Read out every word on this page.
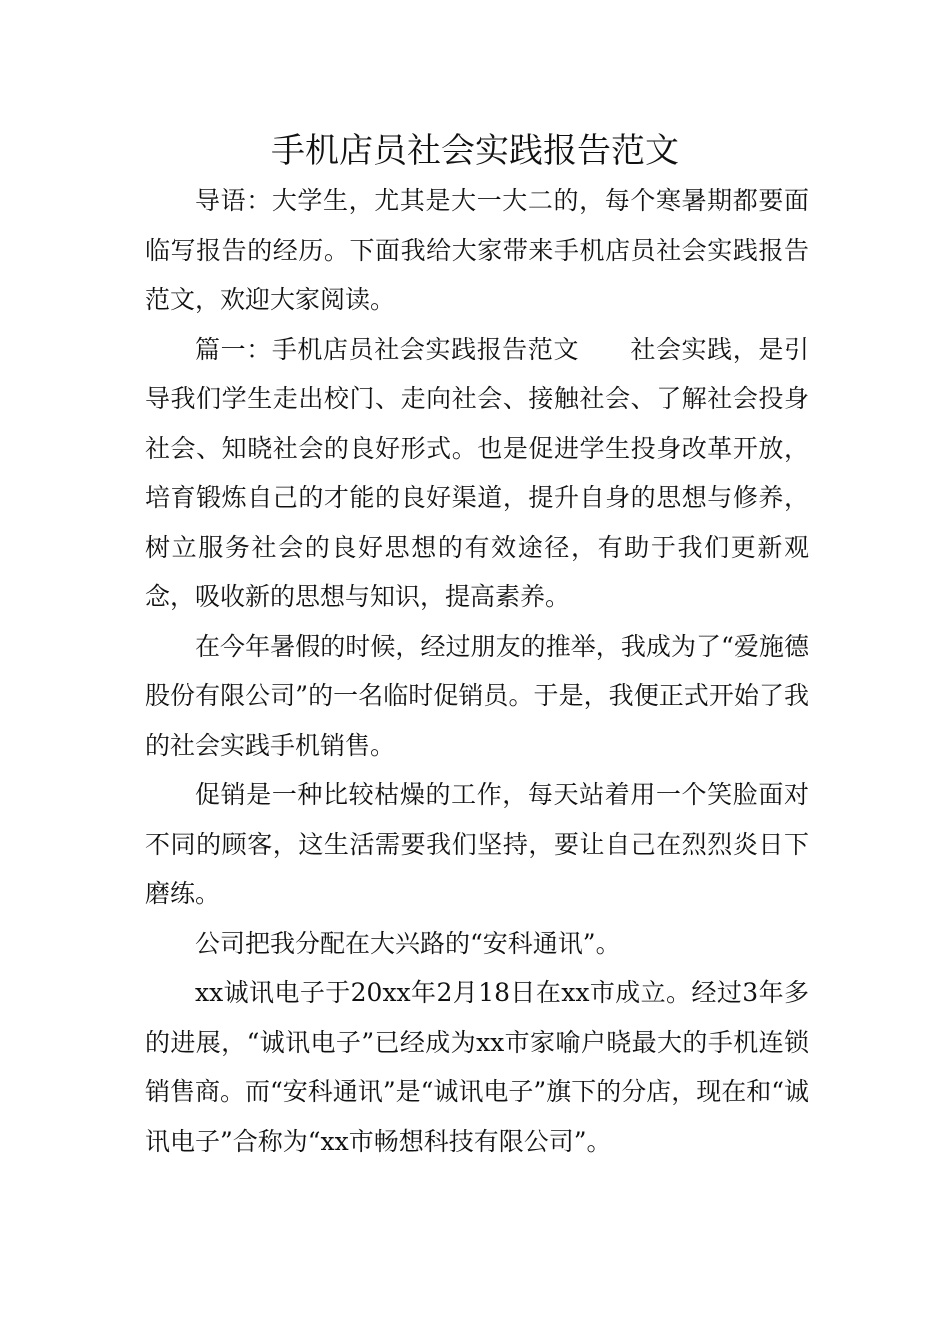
手机店员社会实践报告范文

导语：大学生，尤其是大一大二的，每个寒暑期都要面临写报告的经历。下面我给大家带来手机店员社会实践报告范文，欢迎大家阅读。

篇一：手机店员社会实践报告范文　　社会实践，是引导我们学生走出校门、走向社会、接触社会、了解社会投身社会、知晓社会的良好形式。也是促进学生投身改革开放，培育锻炼自己的才能的良好渠道，提升自身的思想与修养，树立服务社会的良好思想的有效途径，有助于我们更新观念，吸收新的思想与知识，提高素养。

在今年暑假的时候，经过朋友的推举，我成为了“爱施德股份有限公司”的一名临时促销员。于是，我便正式开始了我的社会实践手机销售。

促销是一种比较枯燥的工作，每天站着用一个笑脸面对不同的顾客，这生活需要我们坚持，要让自己在烈烈炎日下磨练。

公司把我分配在大兴路的“安科通讯”。

xx诚讯电子于20xx年2月18日在xx市成立。经过3年多的进展，“诚讯电子”已经成为xx市家喻户晓最大的手机连锁销售商。而“安科通讯”是“诚讯电子”旗下的分店，现在和“诚讯电子”合称为“xx市畅想科技有限公司”。
